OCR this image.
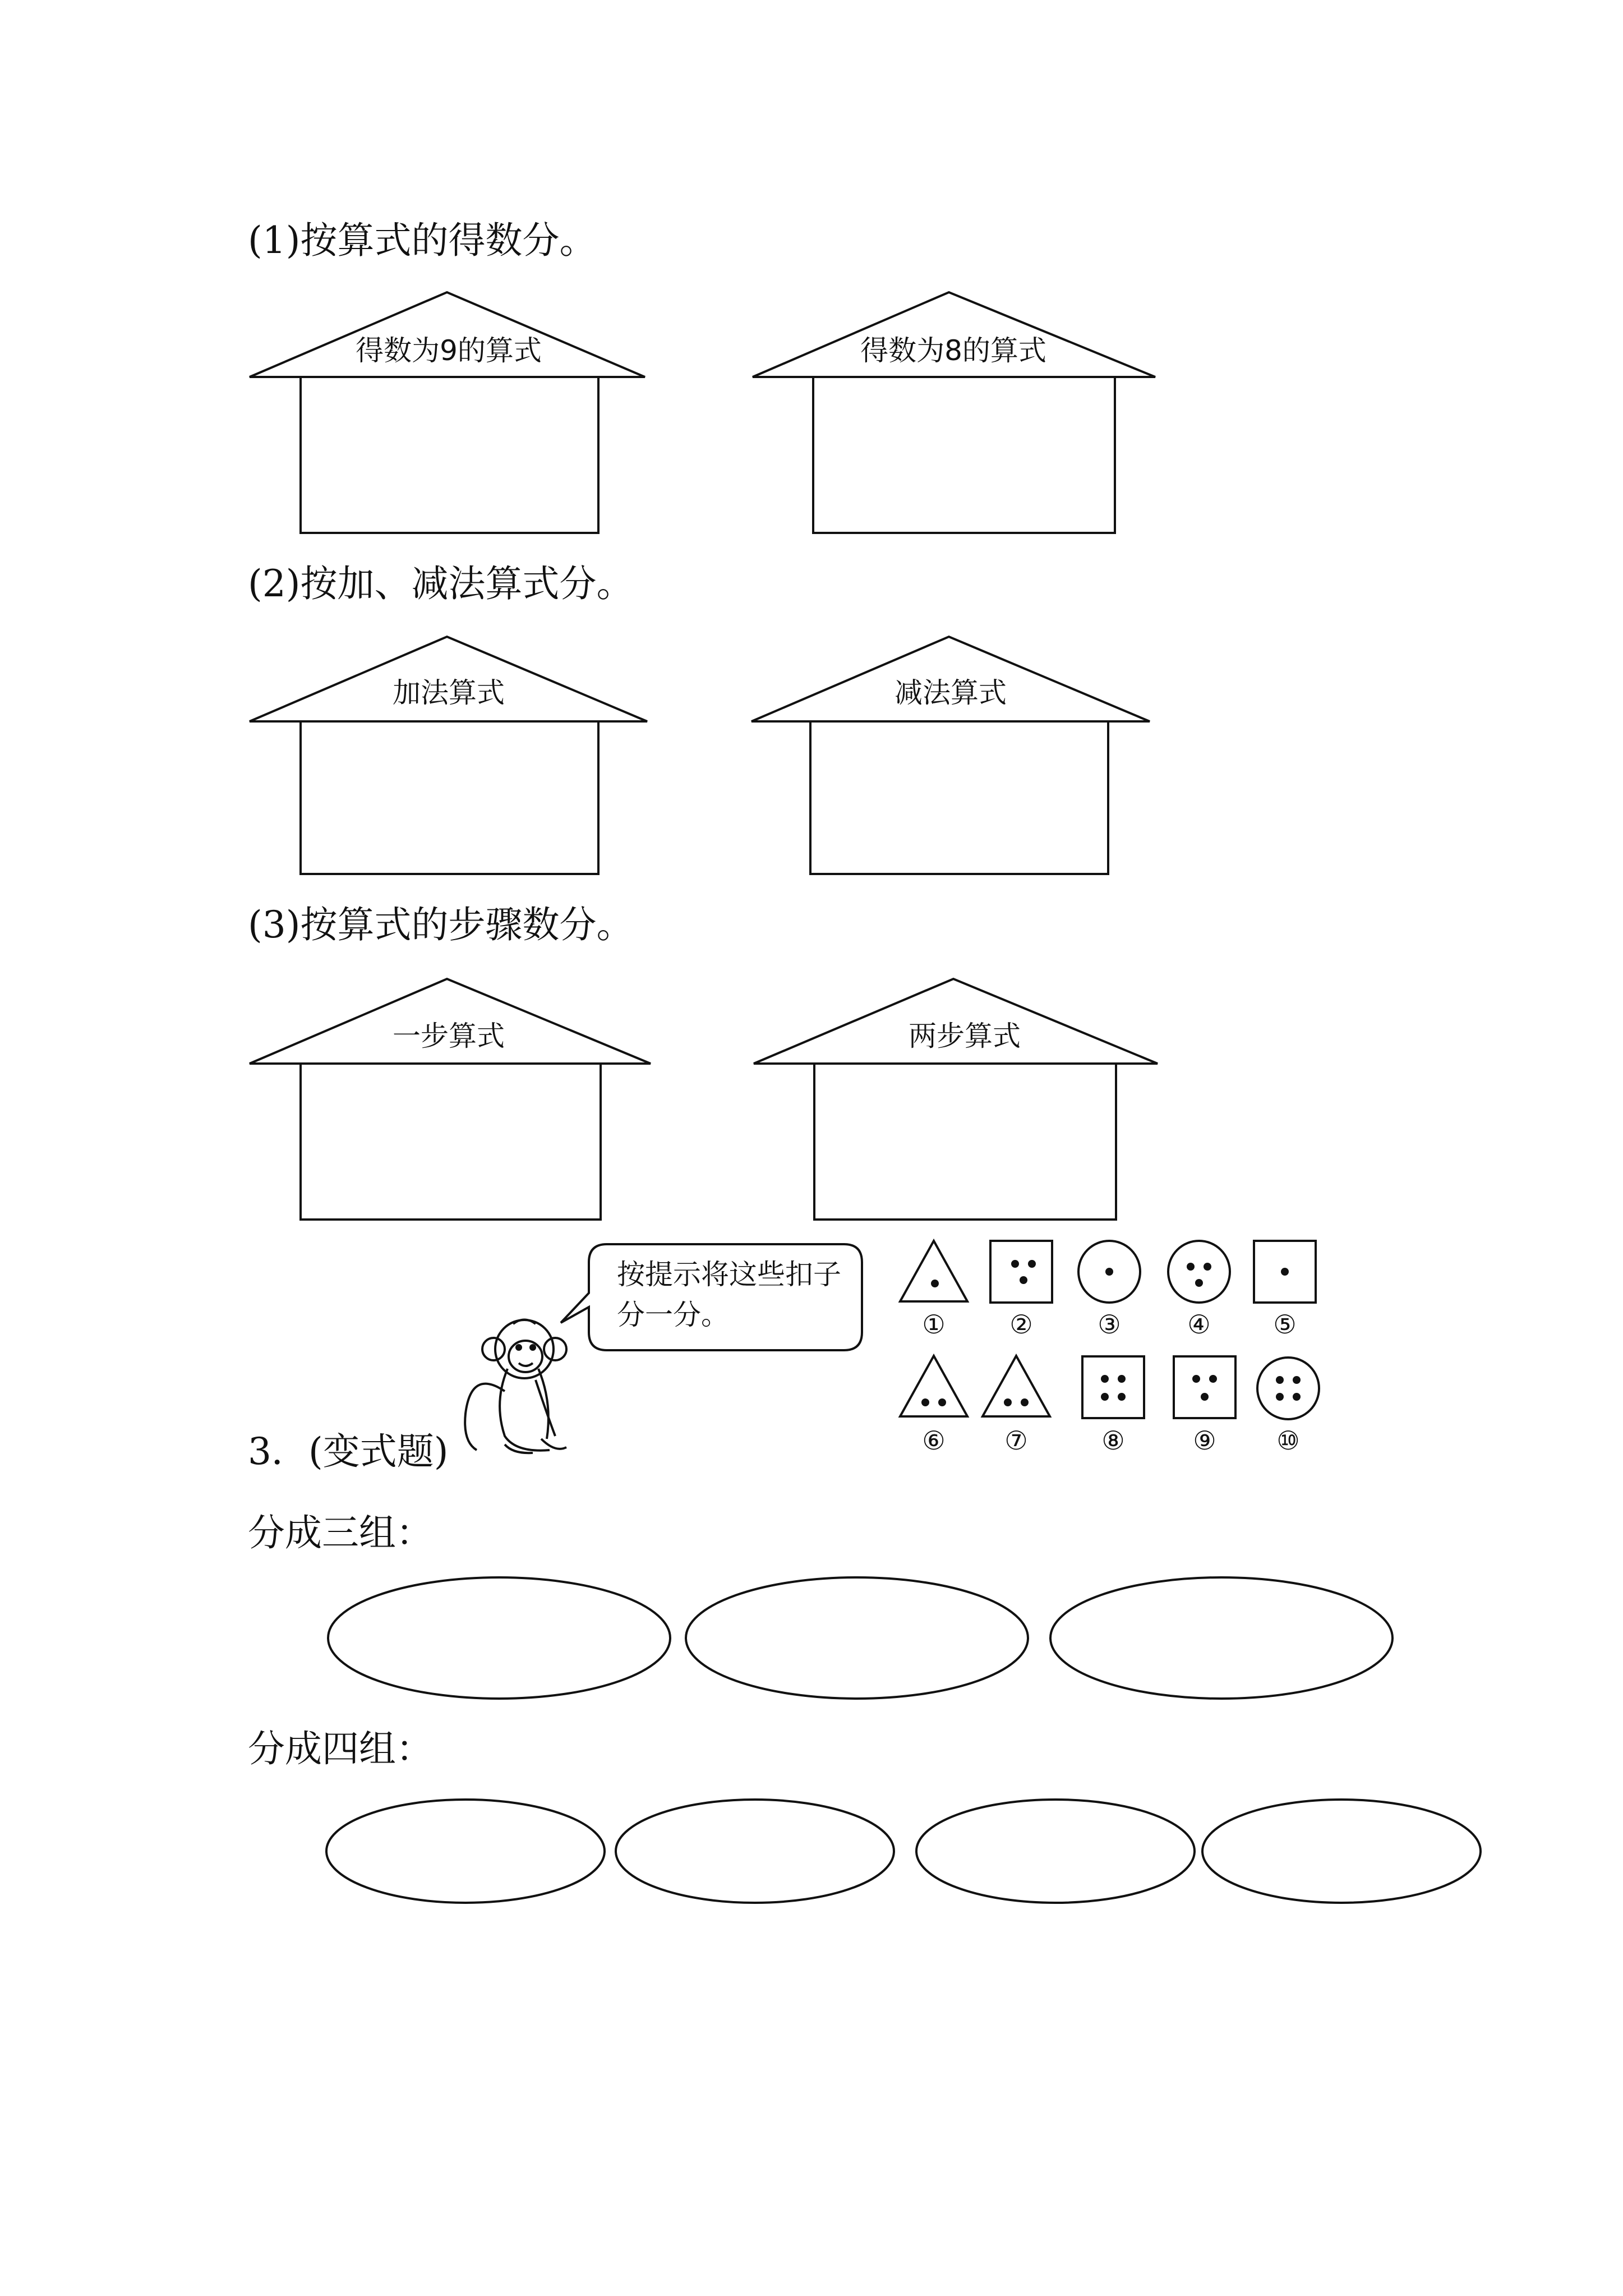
(1)按算式的得数分。
(2)按加、减法算式分。
(3)按算式的步骤数分。
得数为9的算式	得数为8的算式
加法算式	减法算式
一步算式	两步算式
按提示将这些扣子
分一分。	① ②	③	④ ⑤
⑥ ⑦	⑧	⑨ ⑩
3．(变式题)
分成三组：
分成四组：
